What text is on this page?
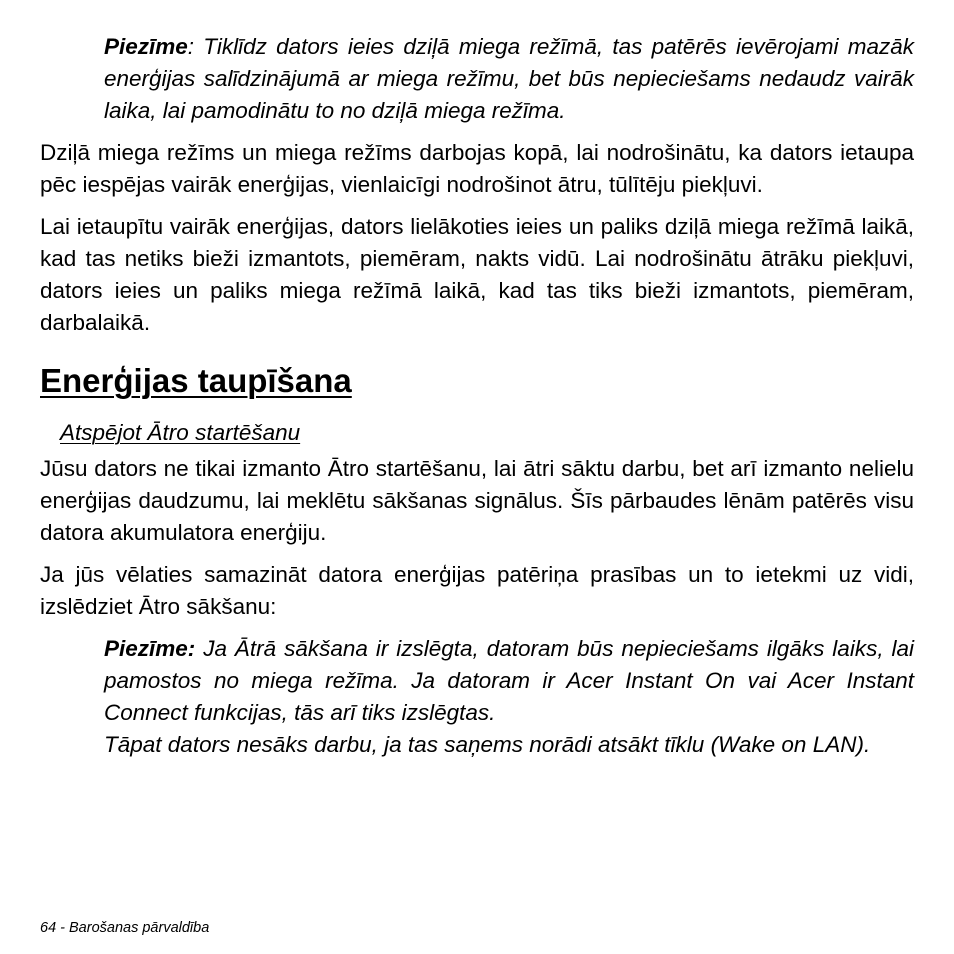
Piezīme: Tiklīdz dators ieies dziļā miega režīmā, tas patērēs ievērojami mazāk enerģijas salīdzinājumā ar miega režīmu, bet būs nepieciešams nedaudz vairāk laika, lai pamodinātu to no dziļā miega režīma.

Dziļā miega režīms un miega režīms darbojas kopā, lai nodrošinātu, ka dators ietaupa pēc iespējas vairāk enerģijas, vienlaicīgi nodrošinot ātru, tūlītēju piekļuvi.

Lai ietaupītu vairāk enerģijas, dators lielākoties ieies un paliks dziļā miega režīmā laikā, kad tas netiks bieži izmantots, piemēram, nakts vidū. Lai nodrošinātu ātrāku piekļuvi, dators ieies un paliks miega režīmā laikā, kad tas tiks bieži izmantots, piemēram, darbalaikā.

Enerģijas taupīšana
Atspējot Ātro startēšanu

Jūsu dators ne tikai izmanto Ātro startēšanu, lai ātri sāktu darbu, bet arī izmanto nelielu enerģijas daudzumu, lai meklētu sākšanas signālus. Šīs pārbaudes lēnām patērēs visu datora akumulatora enerģiju.

Ja jūs vēlaties samazināt datora enerģijas patēriņa prasības un to ietekmi uz vidi, izslēdziet Ātro sākšanu:

Piezīme: Ja Ātrā sākšana ir izslēgta, datoram būs nepieciešams ilgāks laiks, lai pamostos no miega režīma. Ja datoram ir Acer Instant On vai Acer Instant Connect funkcijas, tās arī tiks izslēgtas.

Tāpat dators nesāks darbu, ja tas saņems norādi atsākt tīklu (Wake on LAN).

64 - Barošanas pārvaldība
